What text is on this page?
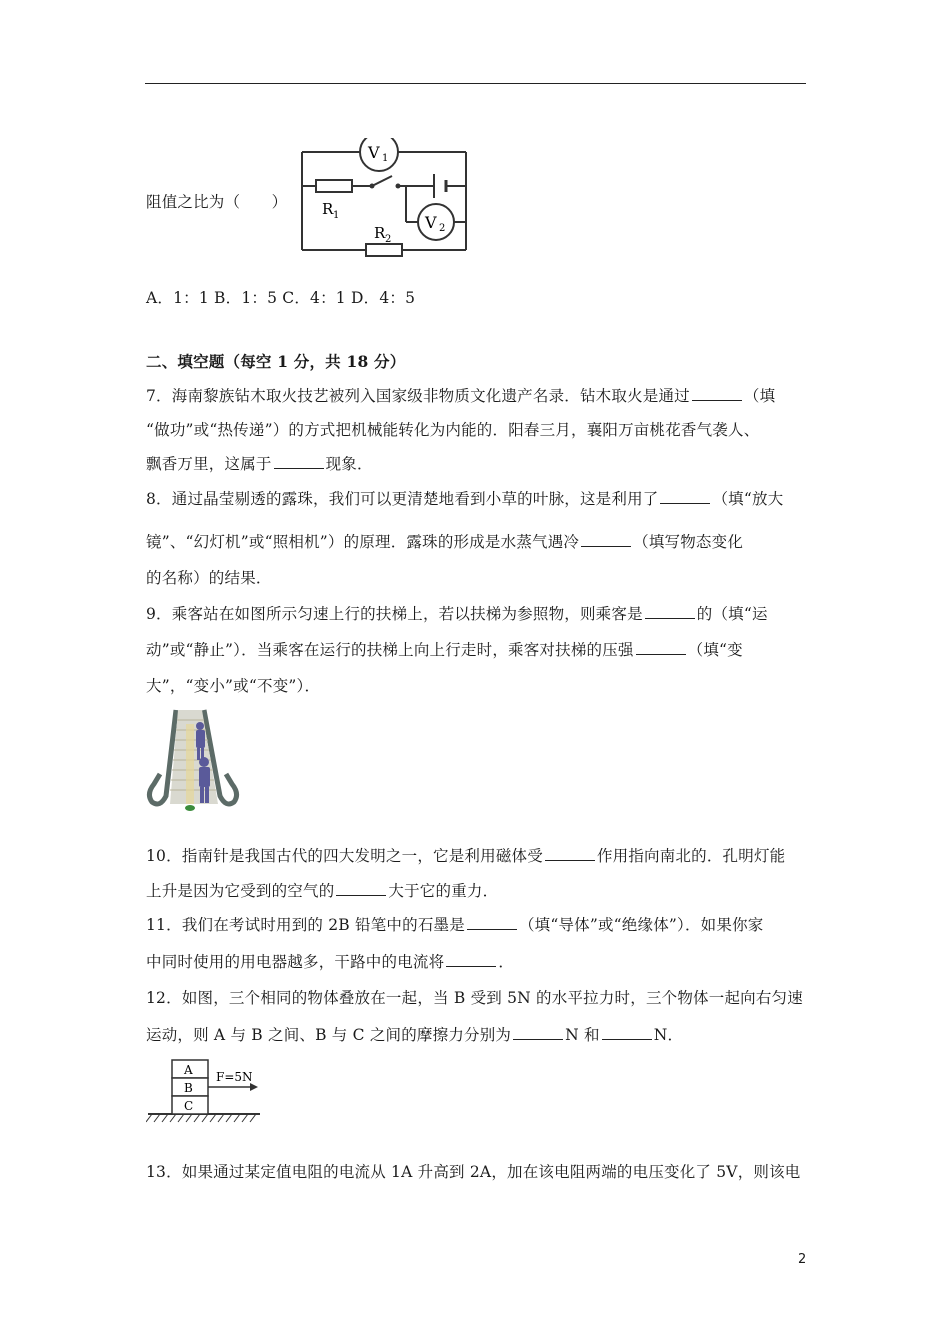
阻值之比为（　　）
V 1
V 2
R 1
R 2
A．1：1 B．1：5 C．4：1 D．4：5
二、填空题（每空 1 分，共 18 分）
7．海南黎族钻木取火技艺被列入国家级非物质文化遗产名录．钻木取火是通过	（填
“做功”或“热传递”）的方式把机械能转化为内能的．阳春三月，襄阳万亩桃花香气袭人、
飘香万里，这属于	现象．
8．通过晶莹剔透的露珠，我们可以更清楚地看到小草的叶脉，这是利用了	（填“放大
镜”、“幻灯机”或“照相机”）的原理．露珠的形成是水蒸气遇冷	（填写物态变化
的名称）的结果．
9．乘客站在如图所示匀速上行的扶梯上，若以扶梯为参照物，则乘客是	的（填“运
动”或“静止”）．当乘客在运行的扶梯上向上行走时，乘客对扶梯的压强	（填“变
大”，“变小”或“不变”）．
10．指南针是我国古代的四大发明之一，它是利用磁体受	作用指向南北的．孔明灯能
上升是因为它受到的空气的	大于它的重力．
11．我们在考试时用到的 2B 铅笔中的石墨是	（填“导体”或“绝缘体”）．如果你家
中同时使用的用电器越多，干路中的电流将	．
12．如图，三个相同的物体叠放在一起，当 B 受到 5N 的水平拉力时，三个物体一起向右匀速
运动，则 A 与 B 之间、B 与 C 之间的摩擦力分别为	N 和	N．
A
B
C
F=5N
13．如果通过某定值电阻的电流从 1A 升高到 2A，加在该电阻两端的电压变化了 5V，则该电
2
